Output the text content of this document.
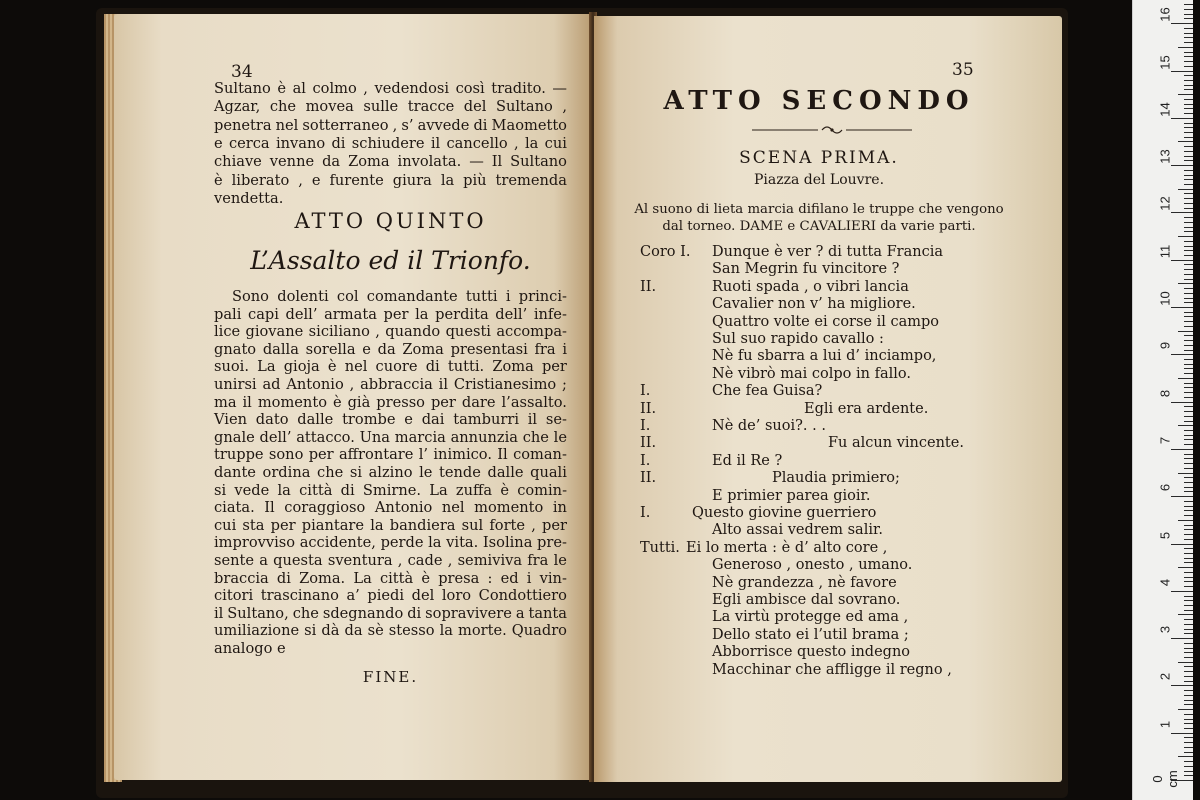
34
Sultano è al colmo , vedendosi così tradito. —
Agzar, che movea sulle tracce del Sultano ,
penetra nel sotterraneo , s’ avvede di Maometto
e cerca invano di schiudere il cancello , la cui
chiave venne da Zoma involata. — Il Sultano
è liberato , e furente giura la più tremenda
vendetta.
ATTO QUINTO
L’Assalto ed il Trionfo.
Sono dolenti col comandante tutti i princi-
pali capi dell’ armata per la perdita dell’ infe-
lice giovane siciliano , quando questi accompa-
gnato dalla sorella e da Zoma presentasi fra i
suoi. La gioja è nel cuore di tutti. Zoma per
unirsi ad Antonio , abbraccia il Cristianesimo ;
ma il momento è già presso per dare l’assalto.
Vien dato dalle trombe e dai tamburri il se-
gnale dell’ attacco. Una marcia annunzia che le
truppe sono per affrontare l’ inimico. Il coman-
dante ordina che si alzino le tende dalle quali
si vede la città di Smirne. La zuffa è comin-
ciata. Il coraggioso Antonio nel momento in
cui sta per piantare la bandiera sul forte , per
improvviso accidente, perde la vita. Isolina pre-
sente a questa sventura , cade , semiviva fra le
braccia di Zoma. La città è presa : ed i vin-
citori trascinano a’ piedi del loro Condottiero
il Sultano, che sdegnando di sopravivere a tanta
umiliazione si dà da sè stesso la morte. Quadro
analogo e
FINE.
35
ATTO SECONDO
SCENA PRIMA.
Piazza del Louvre.
Al suono di lieta marcia difilano le truppe che vengono
dal torneo. DAME e CAVALIERI da varie parti.
Coro I. Dunque è ver ? di tutta Francia
San Megrin fu vincitore ?
II.	Ruoti spada , o vibri lancia
Cavalier non v’ ha migliore.
Quattro volte ei corse il campo
Sul suo rapido cavallo :
Nè fu sbarra a lui d’ inciampo,
Nè vibrò mai colpo in fallo.
I.	Che fea Guisa?
II.	Egli era ardente.
I.	Nè de’ suoi?. . .
II.	Fu alcun vincente.
I.	Ed il Re ?
II.	Plaudia primiero;
E primier parea gioir.
I.	Questo giovine guerriero
Alto assai vedrem salir.
Tutti. Ei lo merta : è d’ alto core ,
Generoso , onesto , umano.
Nè grandezza , nè favore
Egli ambisce dal sovrano.
La virtù protegge ed ama ,
Dello stato ei l’util brama ;
Abborrisce questo indegno
Macchinar che affligge il regno ,
0 cm
1
2
3
4
5
6
7
8
9
10
11
12
13
14
15
16
